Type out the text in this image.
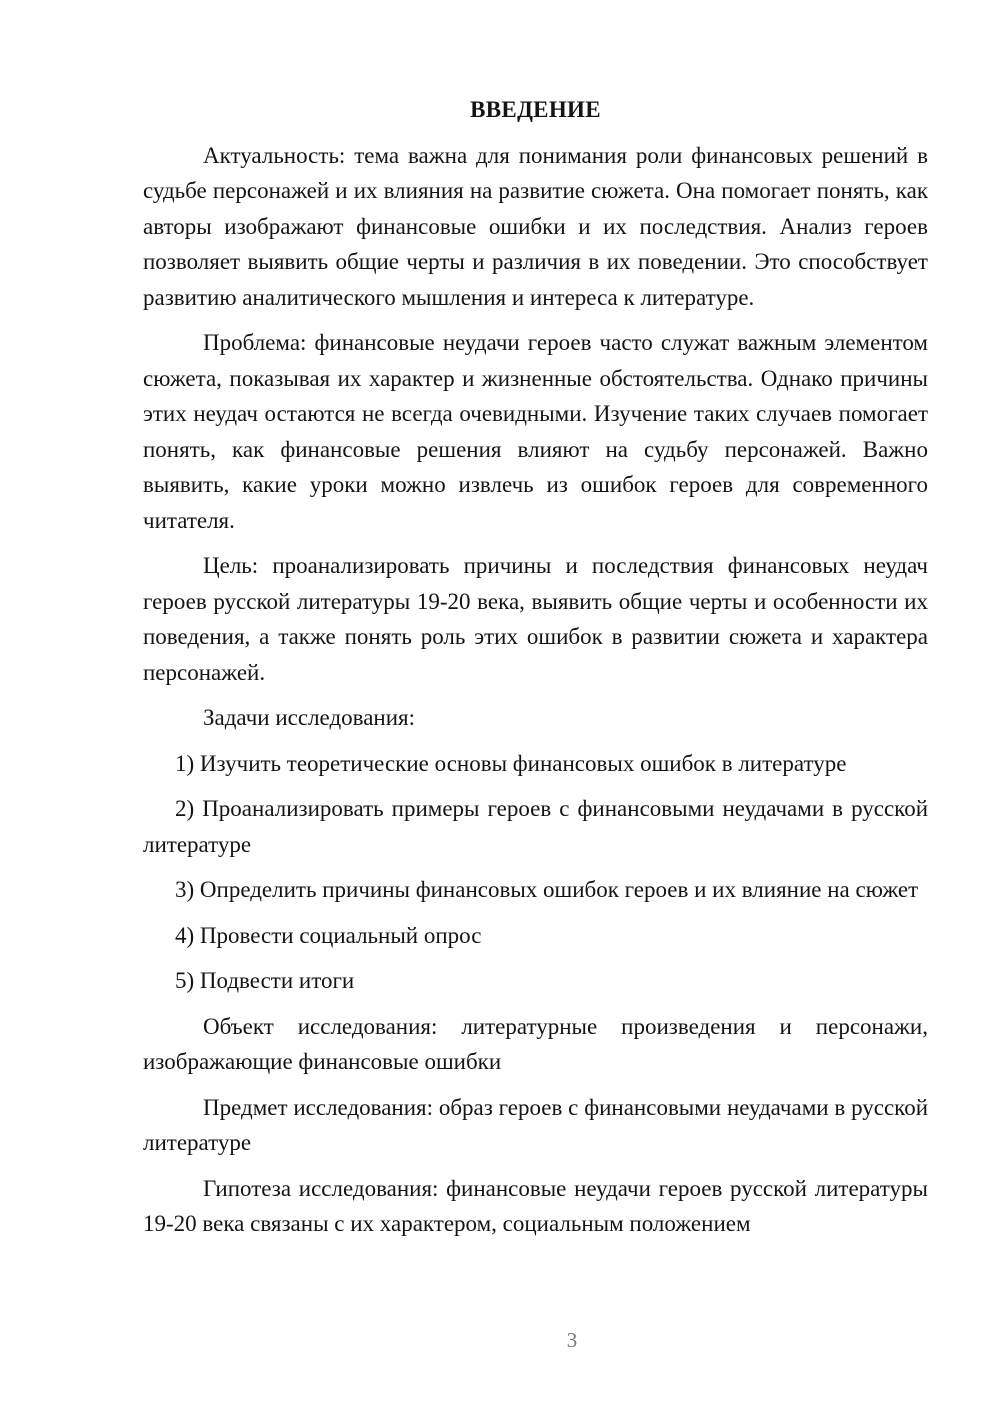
ВВЕДЕНИЕ
Актуальность: тема важна для понимания роли финансовых решений в судьбе персонажей и их влияния на развитие сюжета. Она помогает понять, как авторы изображают финансовые ошибки и их последствия. Анализ героев позволяет выявить общие черты и различия в их поведении. Это способствует развитию аналитического мышления и интереса к литературе.
Проблема: финансовые неудачи героев часто служат важным элементом сюжета, показывая их характер и жизненные обстоятельства. Однако причины этих неудач остаются не всегда очевидными. Изучение таких случаев помогает понять, как финансовые решения влияют на судьбу персонажей. Важно выявить, какие уроки можно извлечь из ошибок героев для современного читателя.
Цель: проанализировать причины и последствия финансовых неудач героев русской литературы 19-20 века, выявить общие черты и особенности их поведения, а также понять роль этих ошибок в развитии сюжета и характера персонажей.
Задачи исследования:
1) Изучить теоретические основы финансовых ошибок в литературе
2) Проанализировать примеры героев с финансовыми неудачами в русской литературе
3) Определить причины финансовых ошибок героев и их влияние на сюжет
4) Провести социальный опрос
5) Подвести итоги
Объект исследования: литературные произведения и персонажи, изображающие финансовые ошибки
Предмет исследования: образ героев с финансовыми неудачами в русской литературе
Гипотеза исследования: финансовые неудачи героев русской литературы 19-20 века связаны с их характером, социальным положением
3
